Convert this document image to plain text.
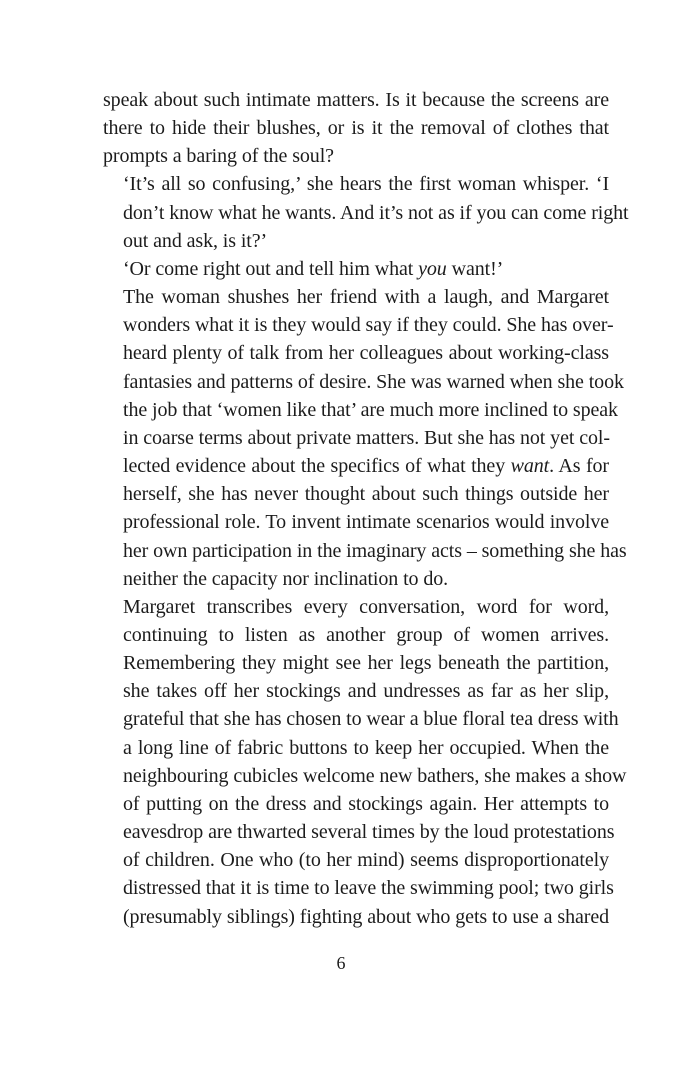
speak about such intimate matters. Is it because the screens are
there to hide their blushes, or is it the removal of clothes that
prompts a baring of the soul?

‘It’s all so confusing,’ she hears the first woman whisper. ‘I
don’t know what he wants. And it’s not as if you can come right
out and ask, is it?’

‘Or come right out and tell him what you want!’

The woman shushes her friend with a laugh, and Margaret
wonders what it is they would say if they could. She has over-
heard plenty of talk from her colleagues about working-class
fantasies and patterns of desire. She was warned when she took
the job that ‘women like that’ are much more inclined to speak
in coarse terms about private matters. But she has not yet col-
lected evidence about the specifics of what they want. As for
herself, she has never thought about such things outside her
professional role. To invent intimate scenarios would involve
her own participation in the imaginary acts – something she has
neither the capacity nor inclination to do.

Margaret transcribes every conversation, word for word,
continuing to listen as another group of women arrives.
Remembering they might see her legs beneath the partition,
she takes off her stockings and undresses as far as her slip,
grateful that she has chosen to wear a blue floral tea dress with
a long line of fabric buttons to keep her occupied. When the
neighbouring cubicles welcome new bathers, she makes a show
of putting on the dress and stockings again. Her attempts to
eavesdrop are thwarted several times by the loud protestations
of children. One who (to her mind) seems disproportionately
distressed that it is time to leave the swimming pool; two girls
(presumably siblings) fighting about who gets to use a shared

6
